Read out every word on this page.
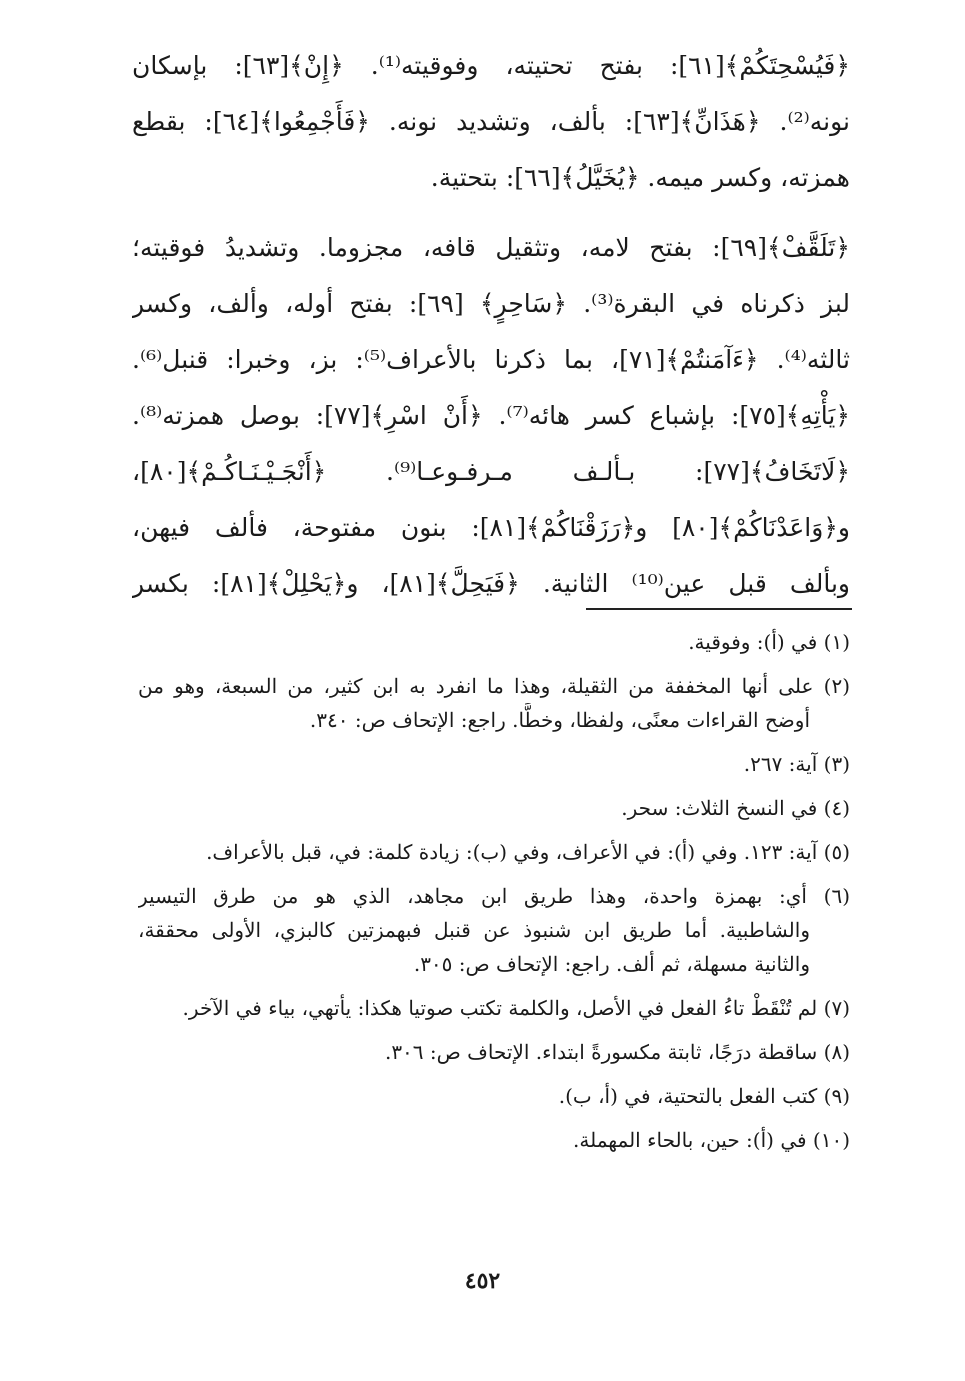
﴿فَيُسْحِتَكُمْ﴾[٦١]: بفتح تحتيته، وفوقيته⁽¹⁾. ﴿إِنْ﴾[٦٣]: بإسكان
نونه⁽²⁾. ﴿هَذَانِّ﴾[٦٣]: بألف، وتشديد نونه. ﴿فَأَجْمِعُوا﴾[٦٤]: بقطع
همزته، وكسر ميمه. ﴿يُخَيَّلُ﴾[٦٦]: بتحتية.
﴿تَلَقَّفْ﴾[٦٩]: بفتح لامه، وتثقيل قافه، مجزوما. وتشديدُ فوقيته؛
لبز ذكرناه في البقرة⁽³⁾. ﴿سَاحِرٍ﴾ [٦٩]: بفتح أوله، وألف، وكسر
ثالثه⁽⁴⁾. ﴿ءَآمَنتُمْ﴾[٧١]، بما ذكرنا بالأعراف⁽⁵⁾: بز، وخبرا: قنبل⁽⁶⁾.
﴿يَأْتِهِ﴾[٧٥]: بإشباع كسر هائه⁽⁷⁾. ﴿أَنْ اسْرِ﴾[٧٧]: بوصل همزته⁽⁸⁾.
﴿لَاتَخَافُ﴾[٧٧]: بـألـف مـرفـوعـا⁽⁹⁾. ﴿أَنْجَـيْـنَـاكُـمْ﴾[٨٠]،
و﴿وَاعَدْنَاكُمْ﴾[٨٠] و﴿رَزَقْنَاكُمْ﴾[٨١]: بنون مفتوحة، فألف فيهن،
وبألف قبل عين⁽¹⁰⁾ الثانية. ﴿فَيَحِلَّ﴾[٨١]، و﴿يَحْلِلْ﴾[٨١]: بكسر
(١) في (أ): وفوقية.
(٢) على أنها المخففة من الثقيلة، وهذا ما انفرد به ابن كثير، من السبعة، وهو من
أوضح القراءات معنًى، ولفظا، وخطًّا. راجع: الإتحاف ص: ٣٤٠.
(٣) آية: ٢٦٧.
(٤) في النسخ الثلاث: سحر.
(٥) آية: ١٢٣. وفي (أ): في الأعراف، وفي (ب): زيادة كلمة: في، قبل بالأعراف.
(٦) أي: بهمزة واحدة، وهذا طريق ابن مجاهد، الذي هو من طرق التيسير
والشاطبية. أما طريق ابن شنبوذ عن قنبل فبهمزتين كالبزي، الأولى محققة،
والثانية مسهلة، ثم ألف. راجع: الإتحاف ص: ٣٠٥.
(٧) لم تُنْقَطْ تاءُ الفعل في الأصل، والكلمة تكتب صوتيا هكذا: يأتهي، بياء في الآخر.
(٨) ساقطة درَجًا، ثابتة مكسورةً ابتداء. الإتحاف ص: ٣٠٦.
(٩) كتب الفعل بالتحتية، في (أ، ب).
(١٠) في (أ): حين، بالحاء المهملة.
٤٥٢
